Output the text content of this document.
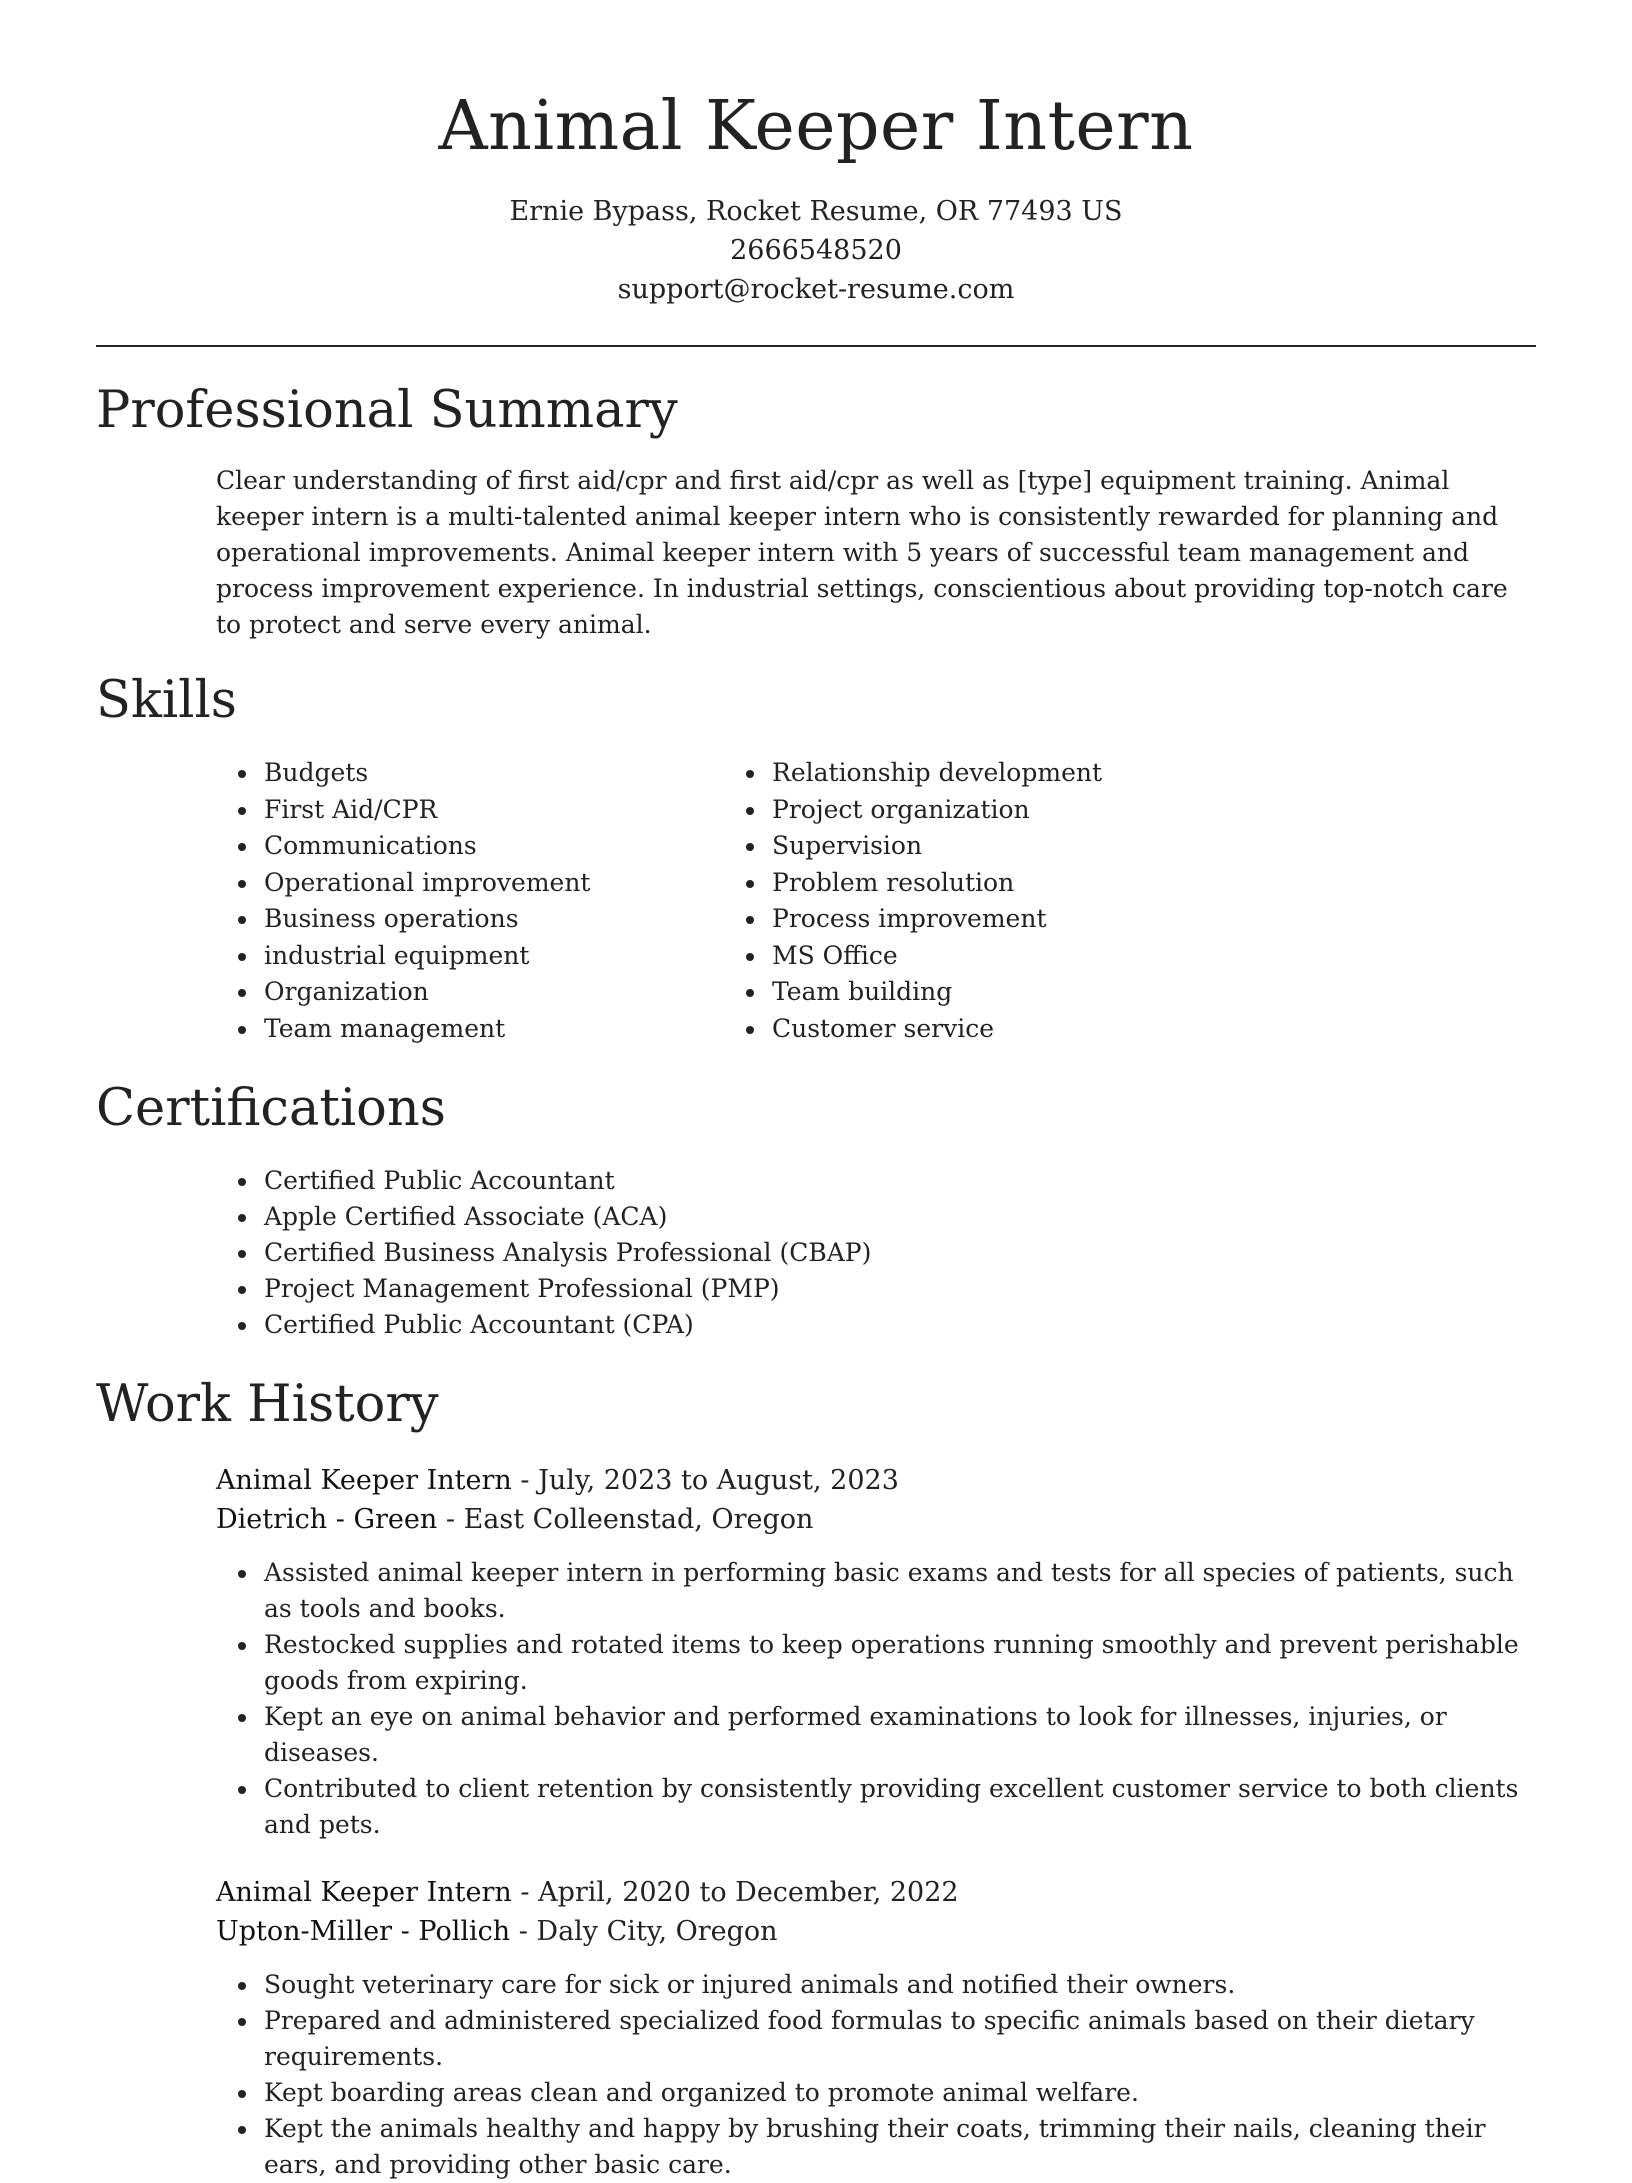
Animal Keeper Intern
Ernie Bypass, Rocket Resume, OR 77493 US
2666548520
support@rocket-resume.com
Professional Summary

Clear understanding of first aid/cpr and first aid/cpr as well as [type] equipment training. Animal keeper intern is a multi-talented animal keeper intern who is consistently rewarded for planning and operational improvements. Animal keeper intern with 5 years of successful team management and process improvement experience. In industrial settings, conscientious about providing top-notch care to protect and serve every animal.

Skills
• Budgets
• First Aid/CPR
• Communications
• Operational improvement
• Business operations
• industrial equipment
• Organization
• Team management
• Relationship development
• Project organization
• Supervision
• Problem resolution
• Process improvement
• MS Office
• Team building
• Customer service
Certifications
• Certified Public Accountant
• Apple Certified Associate (ACA)
• Certified Business Analysis Professional (CBAP)
• Project Management Professional (PMP)
• Certified Public Accountant (CPA)
Work History

Animal Keeper Intern - July, 2023 to August, 2023

Dietrich - Green - East Colleenstad, Oregon

• Assisted animal keeper intern in performing basic exams and tests for all species of patients, such as tools and books.
• Restocked supplies and rotated items to keep operations running smoothly and prevent perishable goods from expiring.
• Kept an eye on animal behavior and performed examinations to look for illnesses, injuries, or diseases.
• Contributed to client retention by consistently providing excellent customer service to both clients and pets.

Animal Keeper Intern - April, 2020 to December, 2022

Upton-Miller - Pollich - Daly City, Oregon

• Sought veterinary care for sick or injured animals and notified their owners.
• Prepared and administered specialized food formulas to specific animals based on their dietary requirements.
• Kept boarding areas clean and organized to promote animal welfare.
• Kept the animals healthy and happy by brushing their coats, trimming their nails, cleaning their ears, and providing other basic care.
